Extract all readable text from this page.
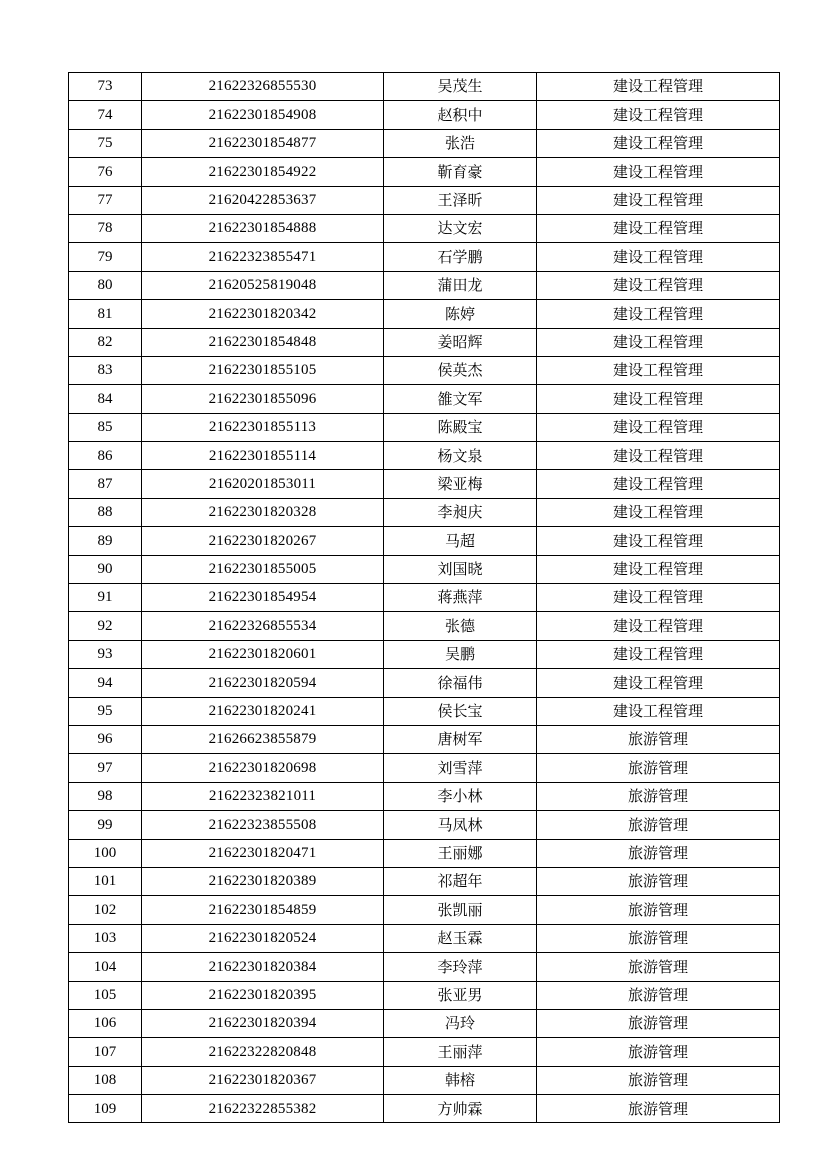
73	21622326855530	吴茂生	建设工程管理
74	21622301854908	赵积中	建设工程管理
75	21622301854877	张浩	建设工程管理
76	21622301854922	靳育豪	建设工程管理
77	21620422853637	王泽昕	建设工程管理
78	21622301854888	达文宏	建设工程管理
79	21622323855471	石学鹏	建设工程管理
80	21620525819048	蒲田龙	建设工程管理
81	21622301820342	陈婷	建设工程管理
82	21622301854848	姜昭辉	建设工程管理
83	21622301855105	侯英杰	建设工程管理
84	21622301855096	雒文军	建设工程管理
85	21622301855113	陈殿宝	建设工程管理
86	21622301855114	杨文泉	建设工程管理
87	21620201853011	梁亚梅	建设工程管理
88	21622301820328	李昶庆	建设工程管理
89	21622301820267	马超	建设工程管理
90	21622301855005	刘国晓	建设工程管理
91	21622301854954	蒋燕萍	建设工程管理
92	21622326855534	张德	建设工程管理
93	21622301820601	吴鹏	建设工程管理
94	21622301820594	徐福伟	建设工程管理
95	21622301820241	侯长宝	建设工程管理
96	21626623855879	唐树军	旅游管理
97	21622301820698	刘雪萍	旅游管理
98	21622323821011	李小林	旅游管理
99	21622323855508	马凤林	旅游管理
100	21622301820471	王丽娜	旅游管理
101	21622301820389	祁超年	旅游管理
102	21622301854859	张凯丽	旅游管理
103	21622301820524	赵玉霖	旅游管理
104	21622301820384	李玲萍	旅游管理
105	21622301820395	张亚男	旅游管理
106	21622301820394	冯玲	旅游管理
107	21622322820848	王丽萍	旅游管理
108	21622301820367	韩榕	旅游管理
109	21622322855382	方帅霖	旅游管理
